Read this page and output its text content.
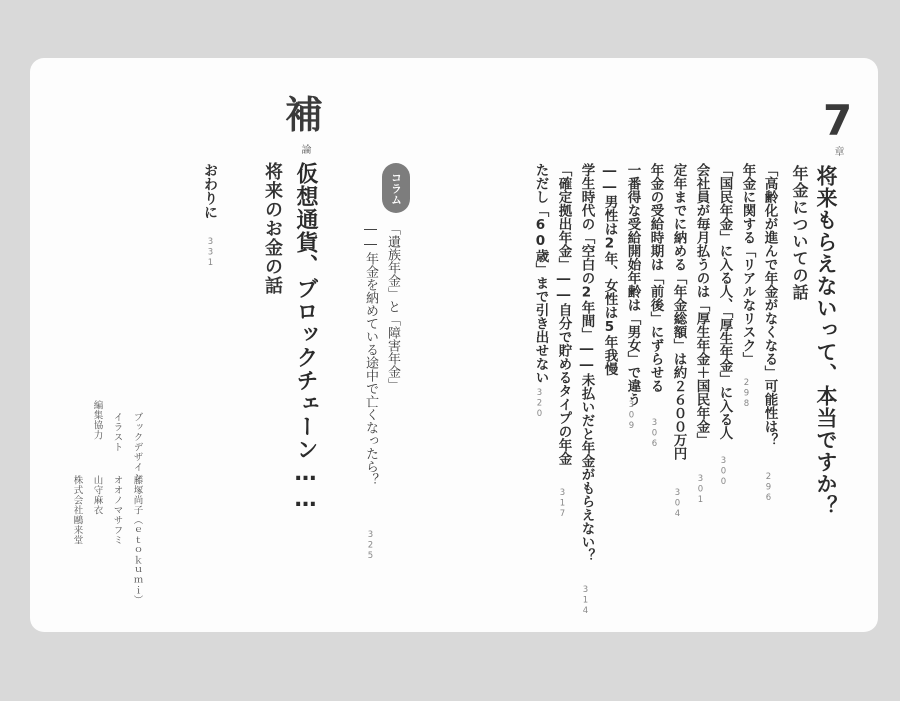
7
章
将来もらえないって、本当ですか？
年金についての話
「高齢化が進んで年金がなくなる」可能性は？
296
年金に関する「リアルなリスク」
298
「国民年金」に入る人、「厚生年金」に入る人
300
会社員が毎月払うのは「厚生年金＋国民年金」
301
定年までに納める「年金総額」は約２６００万円
304
年金の受給時期は「前後」にずらせる
306
一番得な受給開始年齢は「男女」で違う
309
――男性は2年、女性は5年我慢
学生時代の「空白の2年間」――未払いだと年金がもらえない？
314
「確定拠出年金」――自分で貯めるタイプの年金
317
ただし「60歳」まで引き出せない
320
コラム
「遺族年金」と「障害年金」
――年金を納めている途中で亡くなったら？
325
補
論
仮想通貨、ブロックチェーン……
将来のお金の話
おわりに
331
ブックデザイン
藤塚尚子（ｅｔｏｋｕｍｉ）
イラスト
オオノマサフミ
編集協力
山守麻衣
株式会社鷗来堂
